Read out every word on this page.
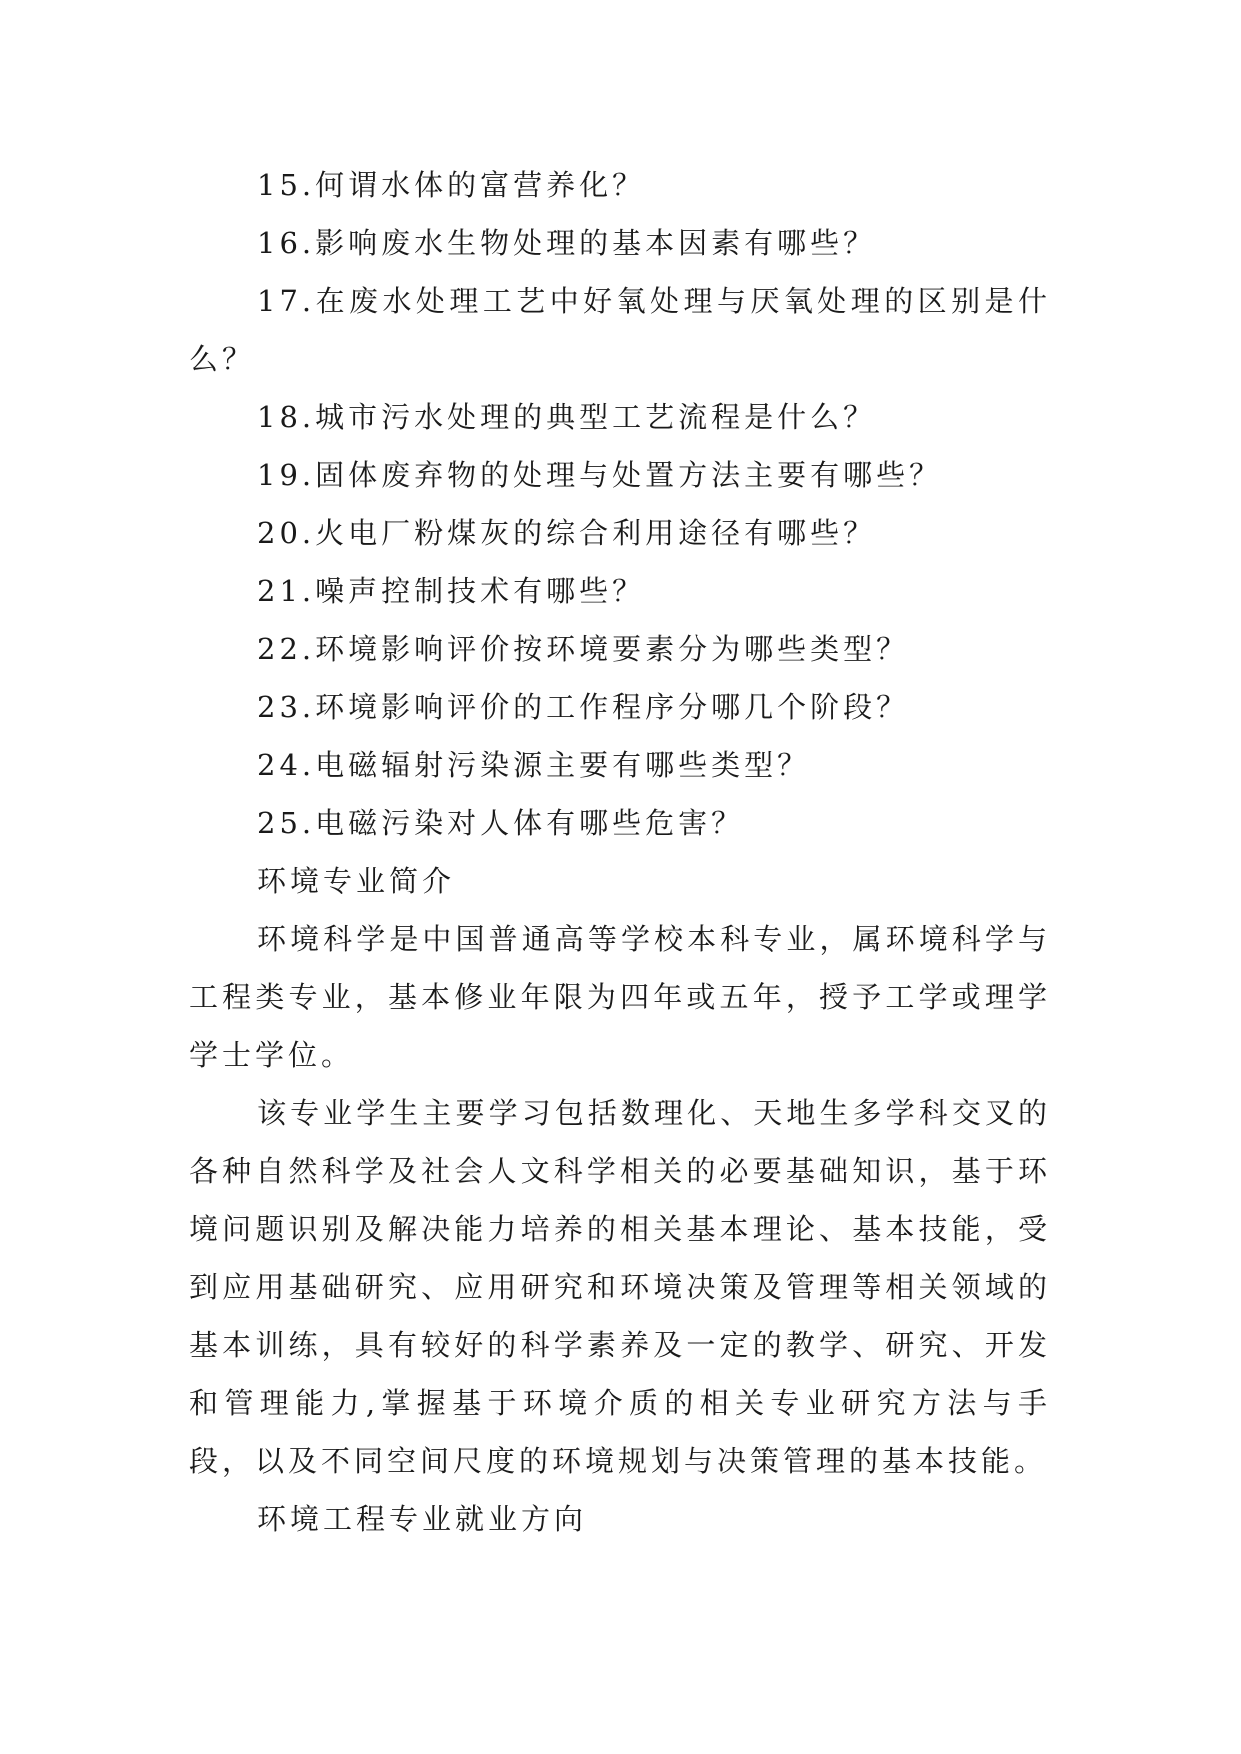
15.何谓水体的富营养化？

16.影响废水生物处理的基本因素有哪些？

17.在废水处理工艺中好氧处理与厌氧处理的区别是什么？

18.城市污水处理的典型工艺流程是什么？

19.固体废弃物的处理与处置方法主要有哪些？

20.火电厂粉煤灰的综合利用途径有哪些？

21.噪声控制技术有哪些？

22.环境影响评价按环境要素分为哪些类型？

23.环境影响评价的工作程序分哪几个阶段？

24.电磁辐射污染源主要有哪些类型？

25.电磁污染对人体有哪些危害？

环境专业简介

环境科学是中国普通高等学校本科专业，属环境科学与工程类专业，基本修业年限为四年或五年，授予工学或理学学士学位。

该专业学生主要学习包括数理化、天地生多学科交叉的各种自然科学及社会人文科学相关的必要基础知识，基于环境问题识别及解决能力培养的相关基本理论、基本技能，受到应用基础研究、应用研究和环境决策及管理等相关领域的基本训练，具有较好的科学素养及一定的教学、研究、开发和管理能力,掌握基于环境介质的相关专业研究方法与手段，以及不同空间尺度的环境规划与决策管理的基本技能。

环境工程专业就业方向
